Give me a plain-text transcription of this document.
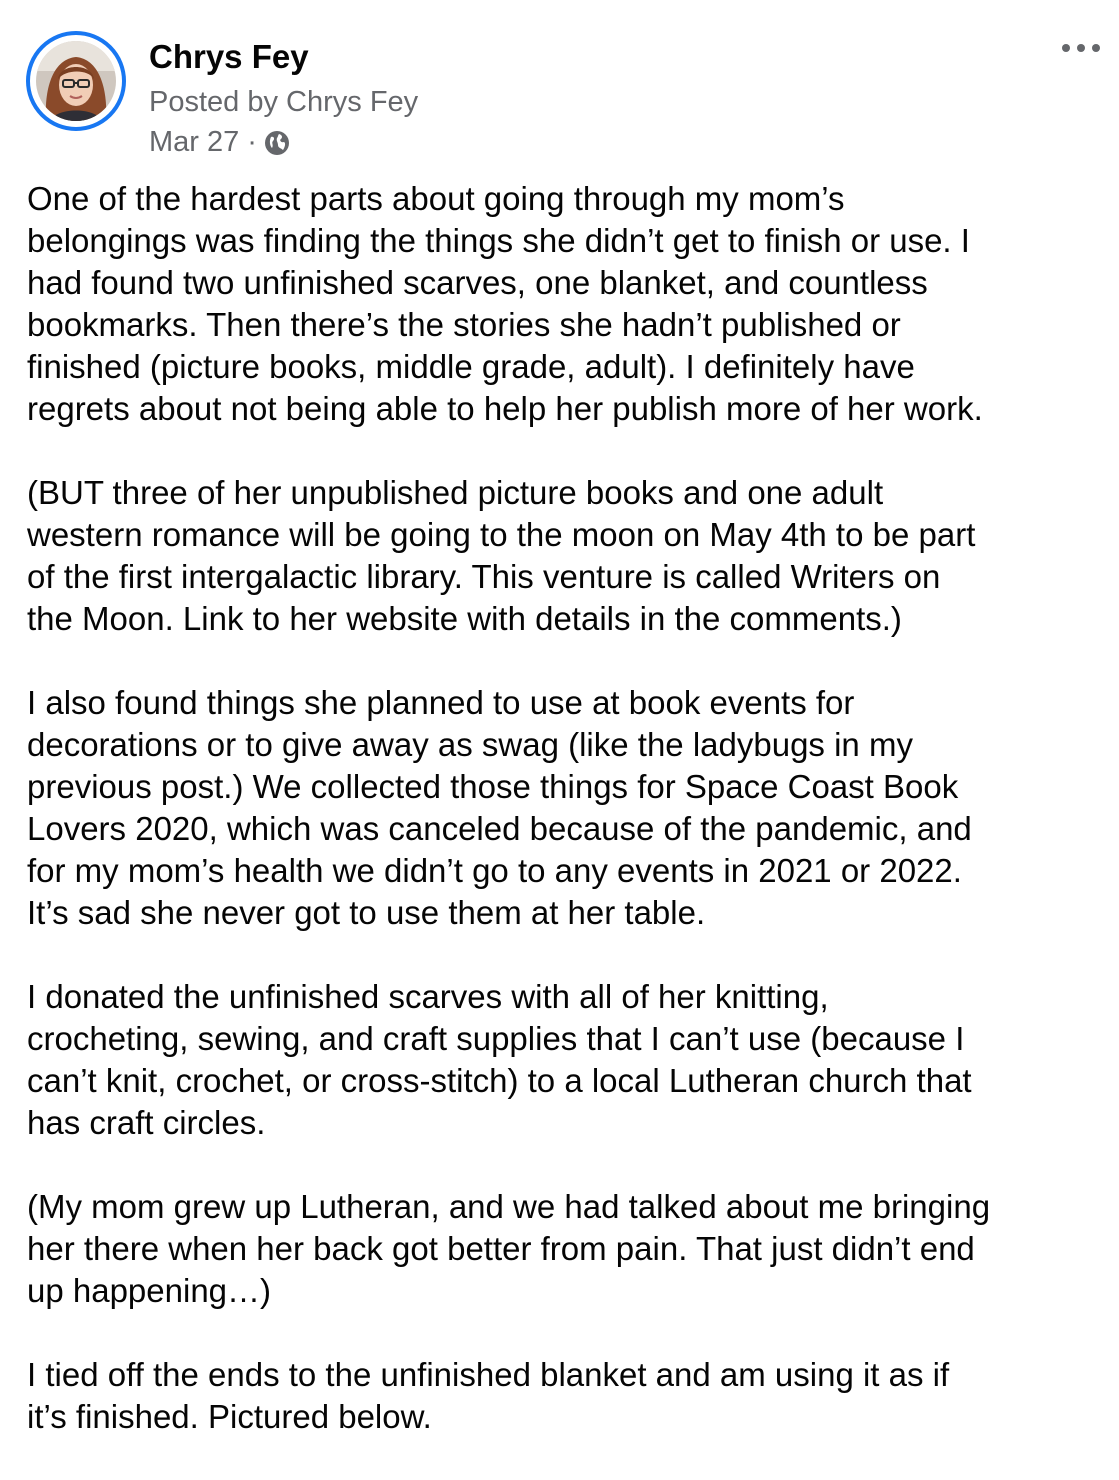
Chrys Fey
Posted by Chrys Fey
Mar 27 ·

One of the hardest parts about going through my mom’s
belongings was finding the things she didn’t get to finish or use. I
had found two unfinished scarves, one blanket, and countless
bookmarks. Then there’s the stories she hadn’t published or
finished (picture books, middle grade, adult). I definitely have
regrets about not being able to help her publish more of her work.

(BUT three of her unpublished picture books and one adult
western romance will be going to the moon on May 4th to be part
of the first intergalactic library. This venture is called Writers on
the Moon. Link to her website with details in the comments.)

I also found things she planned to use at book events for
decorations or to give away as swag (like the ladybugs in my
previous post.) We collected those things for Space Coast Book
Lovers 2020, which was canceled because of the pandemic, and
for my mom’s health we didn’t go to any events in 2021 or 2022.
It’s sad she never got to use them at her table.

I donated the unfinished scarves with all of her knitting,
crocheting, sewing, and craft supplies that I can’t use (because I
can’t knit, crochet, or cross-stitch) to a local Lutheran church that
has craft circles.

(My mom grew up Lutheran, and we had talked about me bringing
her there when her back got better from pain. That just didn’t end
up happening…)

I tied off the ends to the unfinished blanket and am using it as if
it’s finished. Pictured below.
